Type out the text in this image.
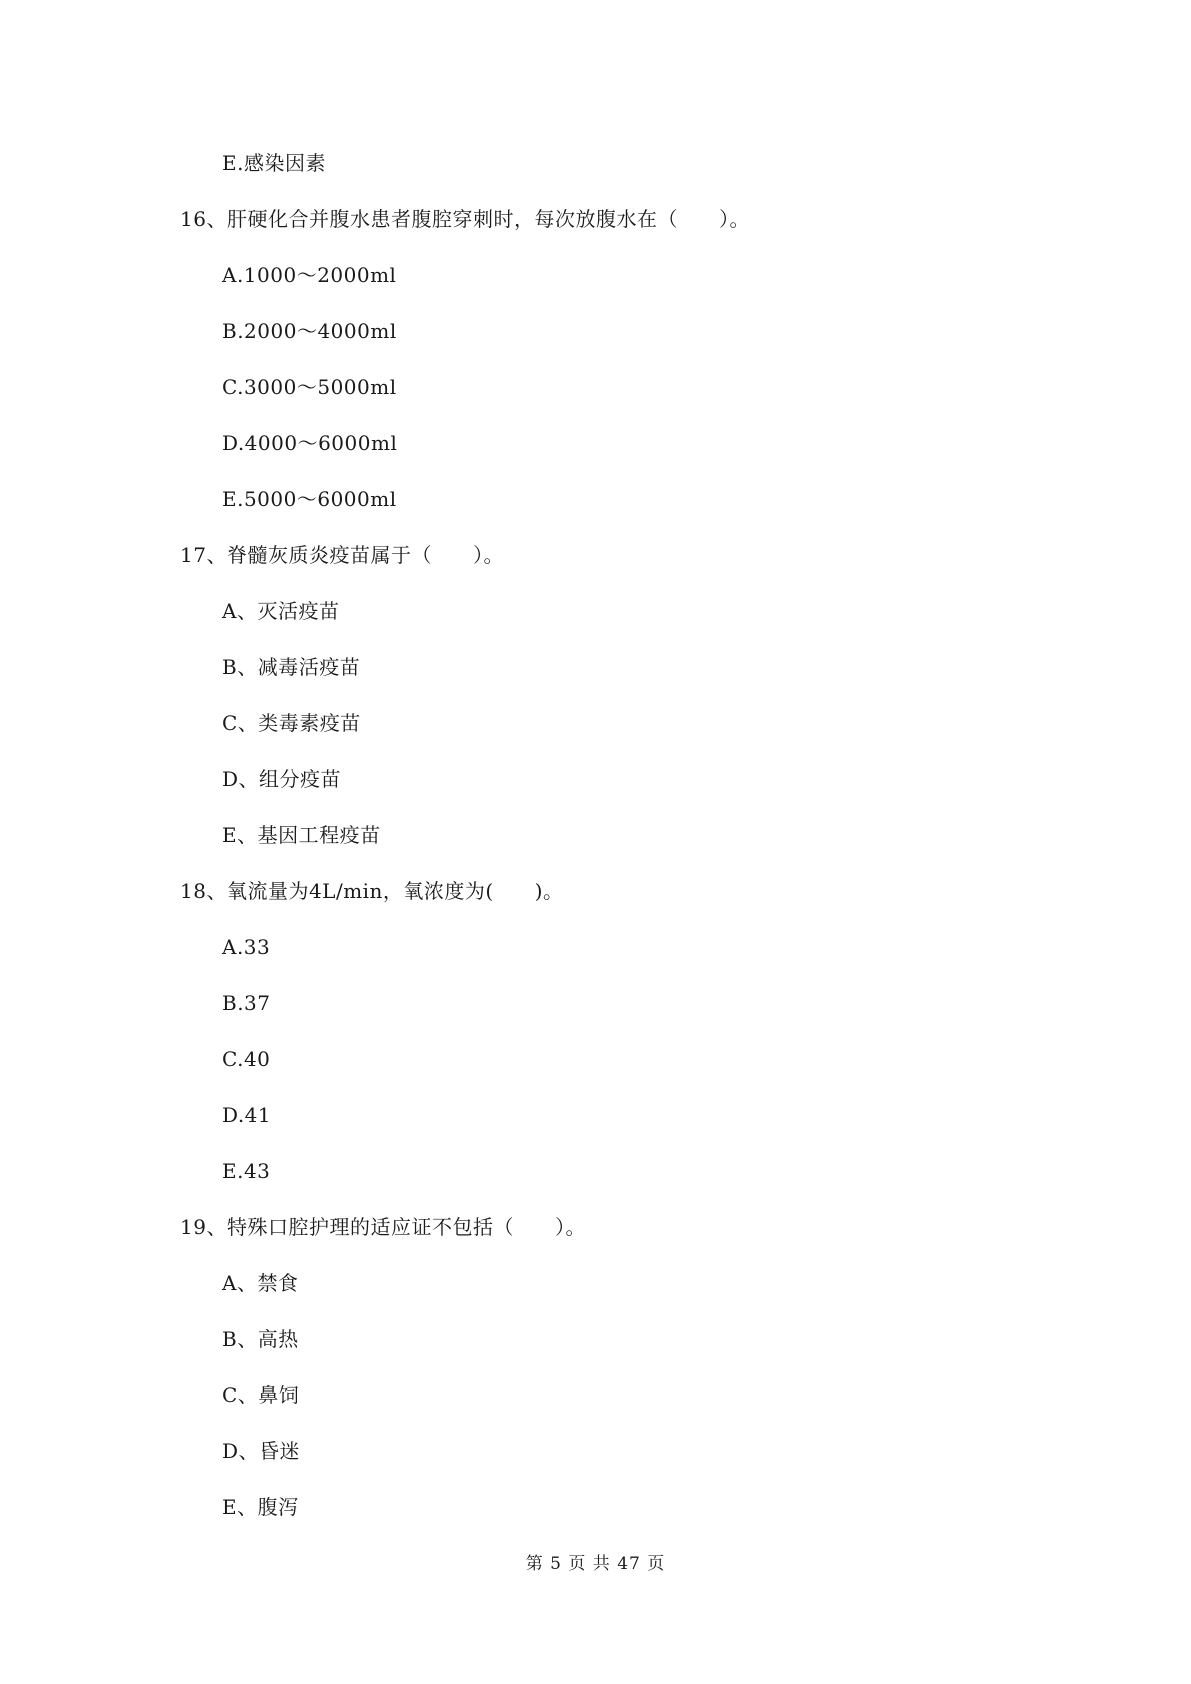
E.感染因素
16、肝硬化合并腹水患者腹腔穿刺时，每次放腹水在（　　）。
A.1000～2000ml
B.2000～4000ml
C.3000～5000ml
D.4000～6000ml
E.5000～6000ml
17、脊髓灰质炎疫苗属于（　　）。
A、灭活疫苗
B、减毒活疫苗
C、类毒素疫苗
D、组分疫苗
E、基因工程疫苗
18、氧流量为4L/min，氧浓度为(　　)。
A.33
B.37
C.40
D.41
E.43
19、特殊口腔护理的适应证不包括（　　）。
A、禁食
B、高热
C、鼻饲
D、昏迷
E、腹泻
第 5 页 共 47 页
